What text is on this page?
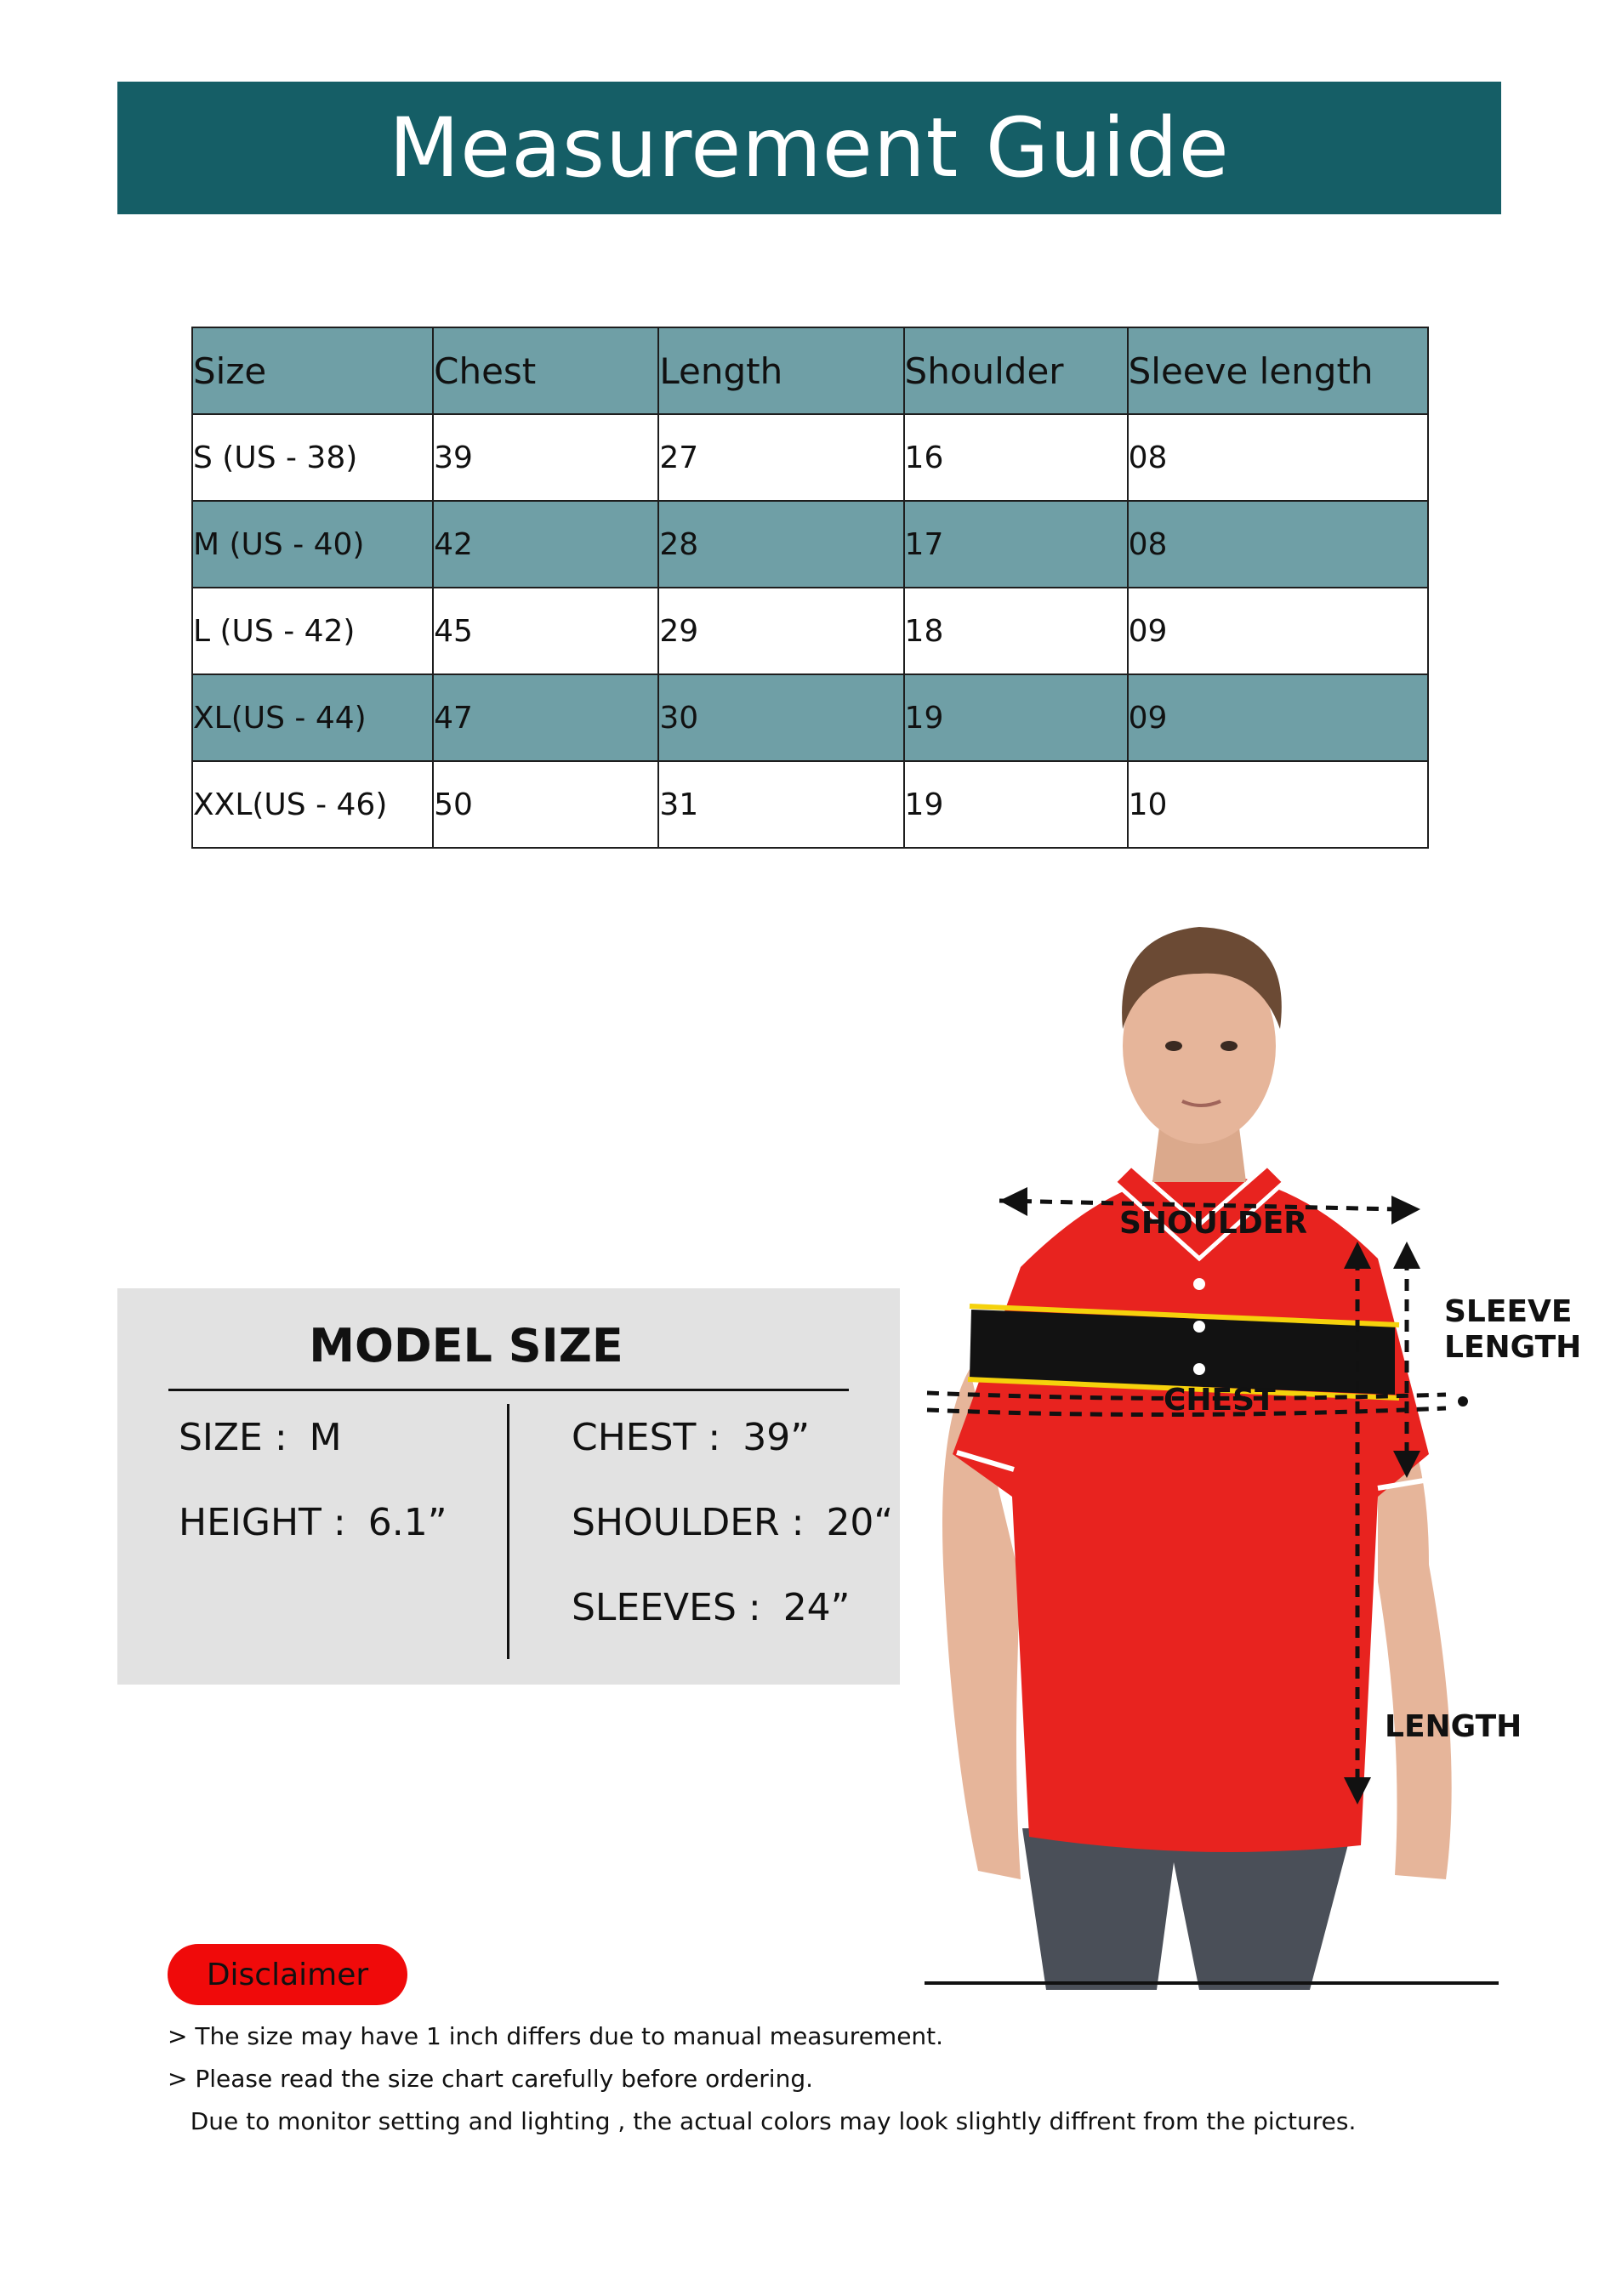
Measurement Guide
Size	Chest	Length	Shoulder	Sleeve length
S (US - 38)	39	27	16	08
M (US - 40)	42	28	17	08
L (US - 42)	45	29	18	09
XL(US - 44)	47	30	19	09
XXL(US - 46)	50	31	19	10
SHOULDER
CHEST
SLEEVE
LENGTH
LENGTH
MODEL SIZE
SIZE : M
HEIGHT : 6.1”
CHEST : 39”
SHOULDER : 20“
SLEEVES : 24”
Disclaimer
> The size may have 1 inch differs due to manual measurement.
> Please read the size chart carefully before ordering.
Due to monitor setting and lighting , the actual colors may look slightly diffrent from the pictures.
